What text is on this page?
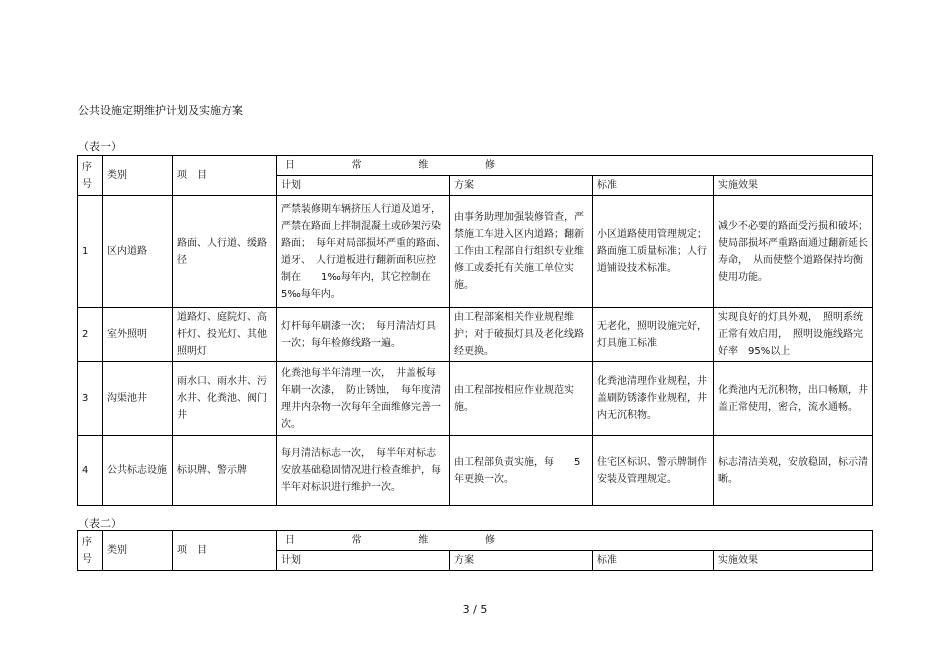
公共设施定期维护计划及实施方案
（表一）
序号	类别	项　目	日 常 维 修			

			计划	方案	标准	实施效果
1	区内道路	路面、人行道、缓路径	严禁装修期车辆挤压人行道及道牙，严禁在路面上拌制混凝土或砂架污染路面；　每年对局部损坏严重的路面、　道牙、　人行道板进行翻新面积应控制在　　1‰每年内，其它控制在　5‰每年内。	由事务助理加强装修管查，严禁施工车进入区内道路；翻新工作由工程部自行组织专业维修工或委托有关施工单位实施。	小区道路使用管理规定；路面施工质量标准；人行道铺设技术标准。	减少不必要的路面受污损和破坏；使局部损坏严重路面通过翻新延长寿命，　从而使整个道路保持均衡使用功能。
2	室外照明	道路灯、庭院灯、高杆灯、投光灯、其他照明灯	灯杆每年刷漆一次；　每月清洁灯具一次；每年检修线路一遍。	由工程部案相关作业规程维护；对于破损灯具及老化线路经更换。	无老化，照明设施完好，灯具施工标准	实现良好的灯具外观，　照明系统正常有效启用，　照明设施线路完好率　95%以上
3	沟渠池井	雨水口、雨水井、污水井、化粪池、阀门井	化粪池每半年清理一次，　井盖板每年刷一次漆，　防止锈蚀，　每年度清理井内杂物一次每年全面维修完善一次。	由工程部按相应作业规范实施。	化粪池清理作业规程，井盖刷防锈漆作业规程，井内无沉积物。	化粪池内无沉积物，出口畅顺，井盖正常使用，密合，流水通畅。
4	公共标志设施	标识牌、警示牌	每月清洁标志一次，　每半年对标志安放基础稳固情况进行检查维护，每半年对标识进行维护一次。	由工程部负责实施，每　　5年更换一次。	住宅区标识、警示牌制作安装及管理规定。	标志清洁美观，安放稳固，标示清晰。
（表二）
序号	类别	项　目	日 常 维 修			

			计划	方案	标准	实施效果
3 / 5
